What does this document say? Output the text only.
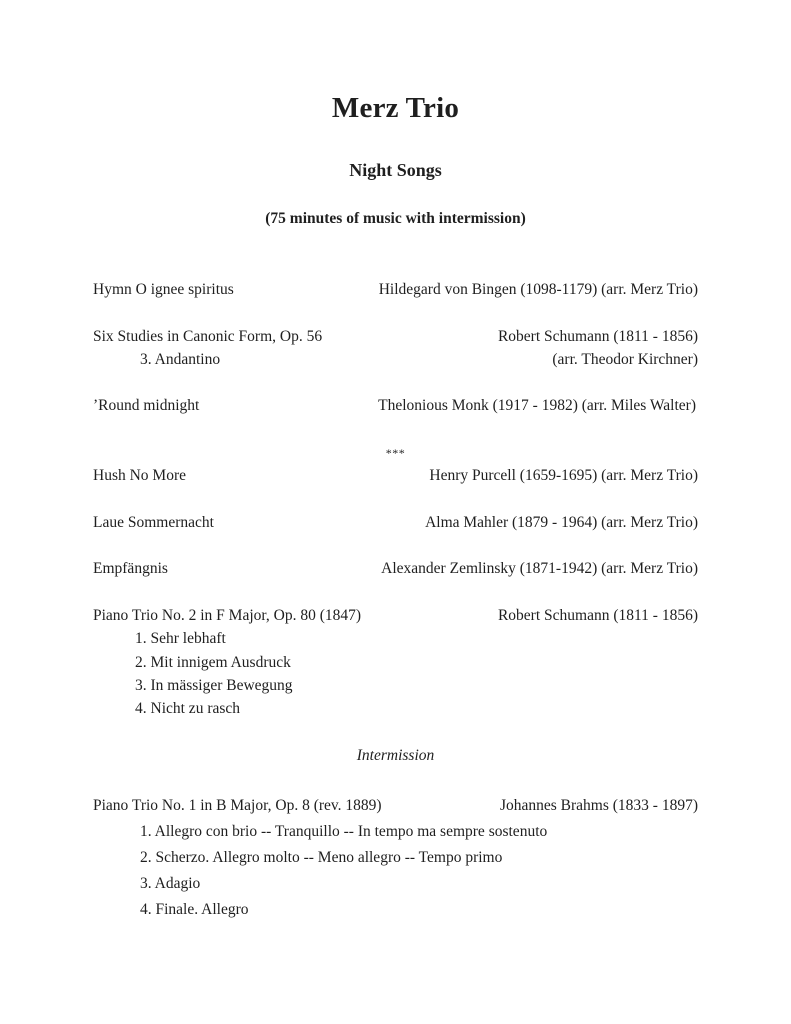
Merz Trio
Night Songs
(75 minutes of music with intermission)
Hymn O ignee spiritus	Hildegard von Bingen (1098-1179) (arr. Merz Trio)
Six Studies in Canonic Form, Op. 56	Robert Schumann (1811 - 1856)
3. Andantino	(arr. Theodor Kirchner)
’Round midnight	Thelonious Monk (1917 - 1982) (arr. Miles Walter)
***
Hush No More	Henry Purcell (1659-1695) (arr. Merz Trio)
Laue Sommernacht	Alma Mahler (1879 - 1964) (arr. Merz Trio)
Empfängnis	Alexander Zemlinsky (1871-1942) (arr. Merz Trio)
Piano Trio No. 2 in F Major, Op. 80 (1847)	Robert Schumann (1811 - 1856)
1. Sehr lebhaft
2. Mit innigem Ausdruck
3. In mässiger Bewegung
4. Nicht zu rasch
Intermission
Piano Trio No. 1 in B Major, Op. 8 (rev. 1889)	Johannes Brahms (1833 - 1897)
1. Allegro con brio -- Tranquillo -- In tempo ma sempre sostenuto
2. Scherzo. Allegro molto -- Meno allegro -- Tempo primo
3. Adagio
4. Finale. Allegro
